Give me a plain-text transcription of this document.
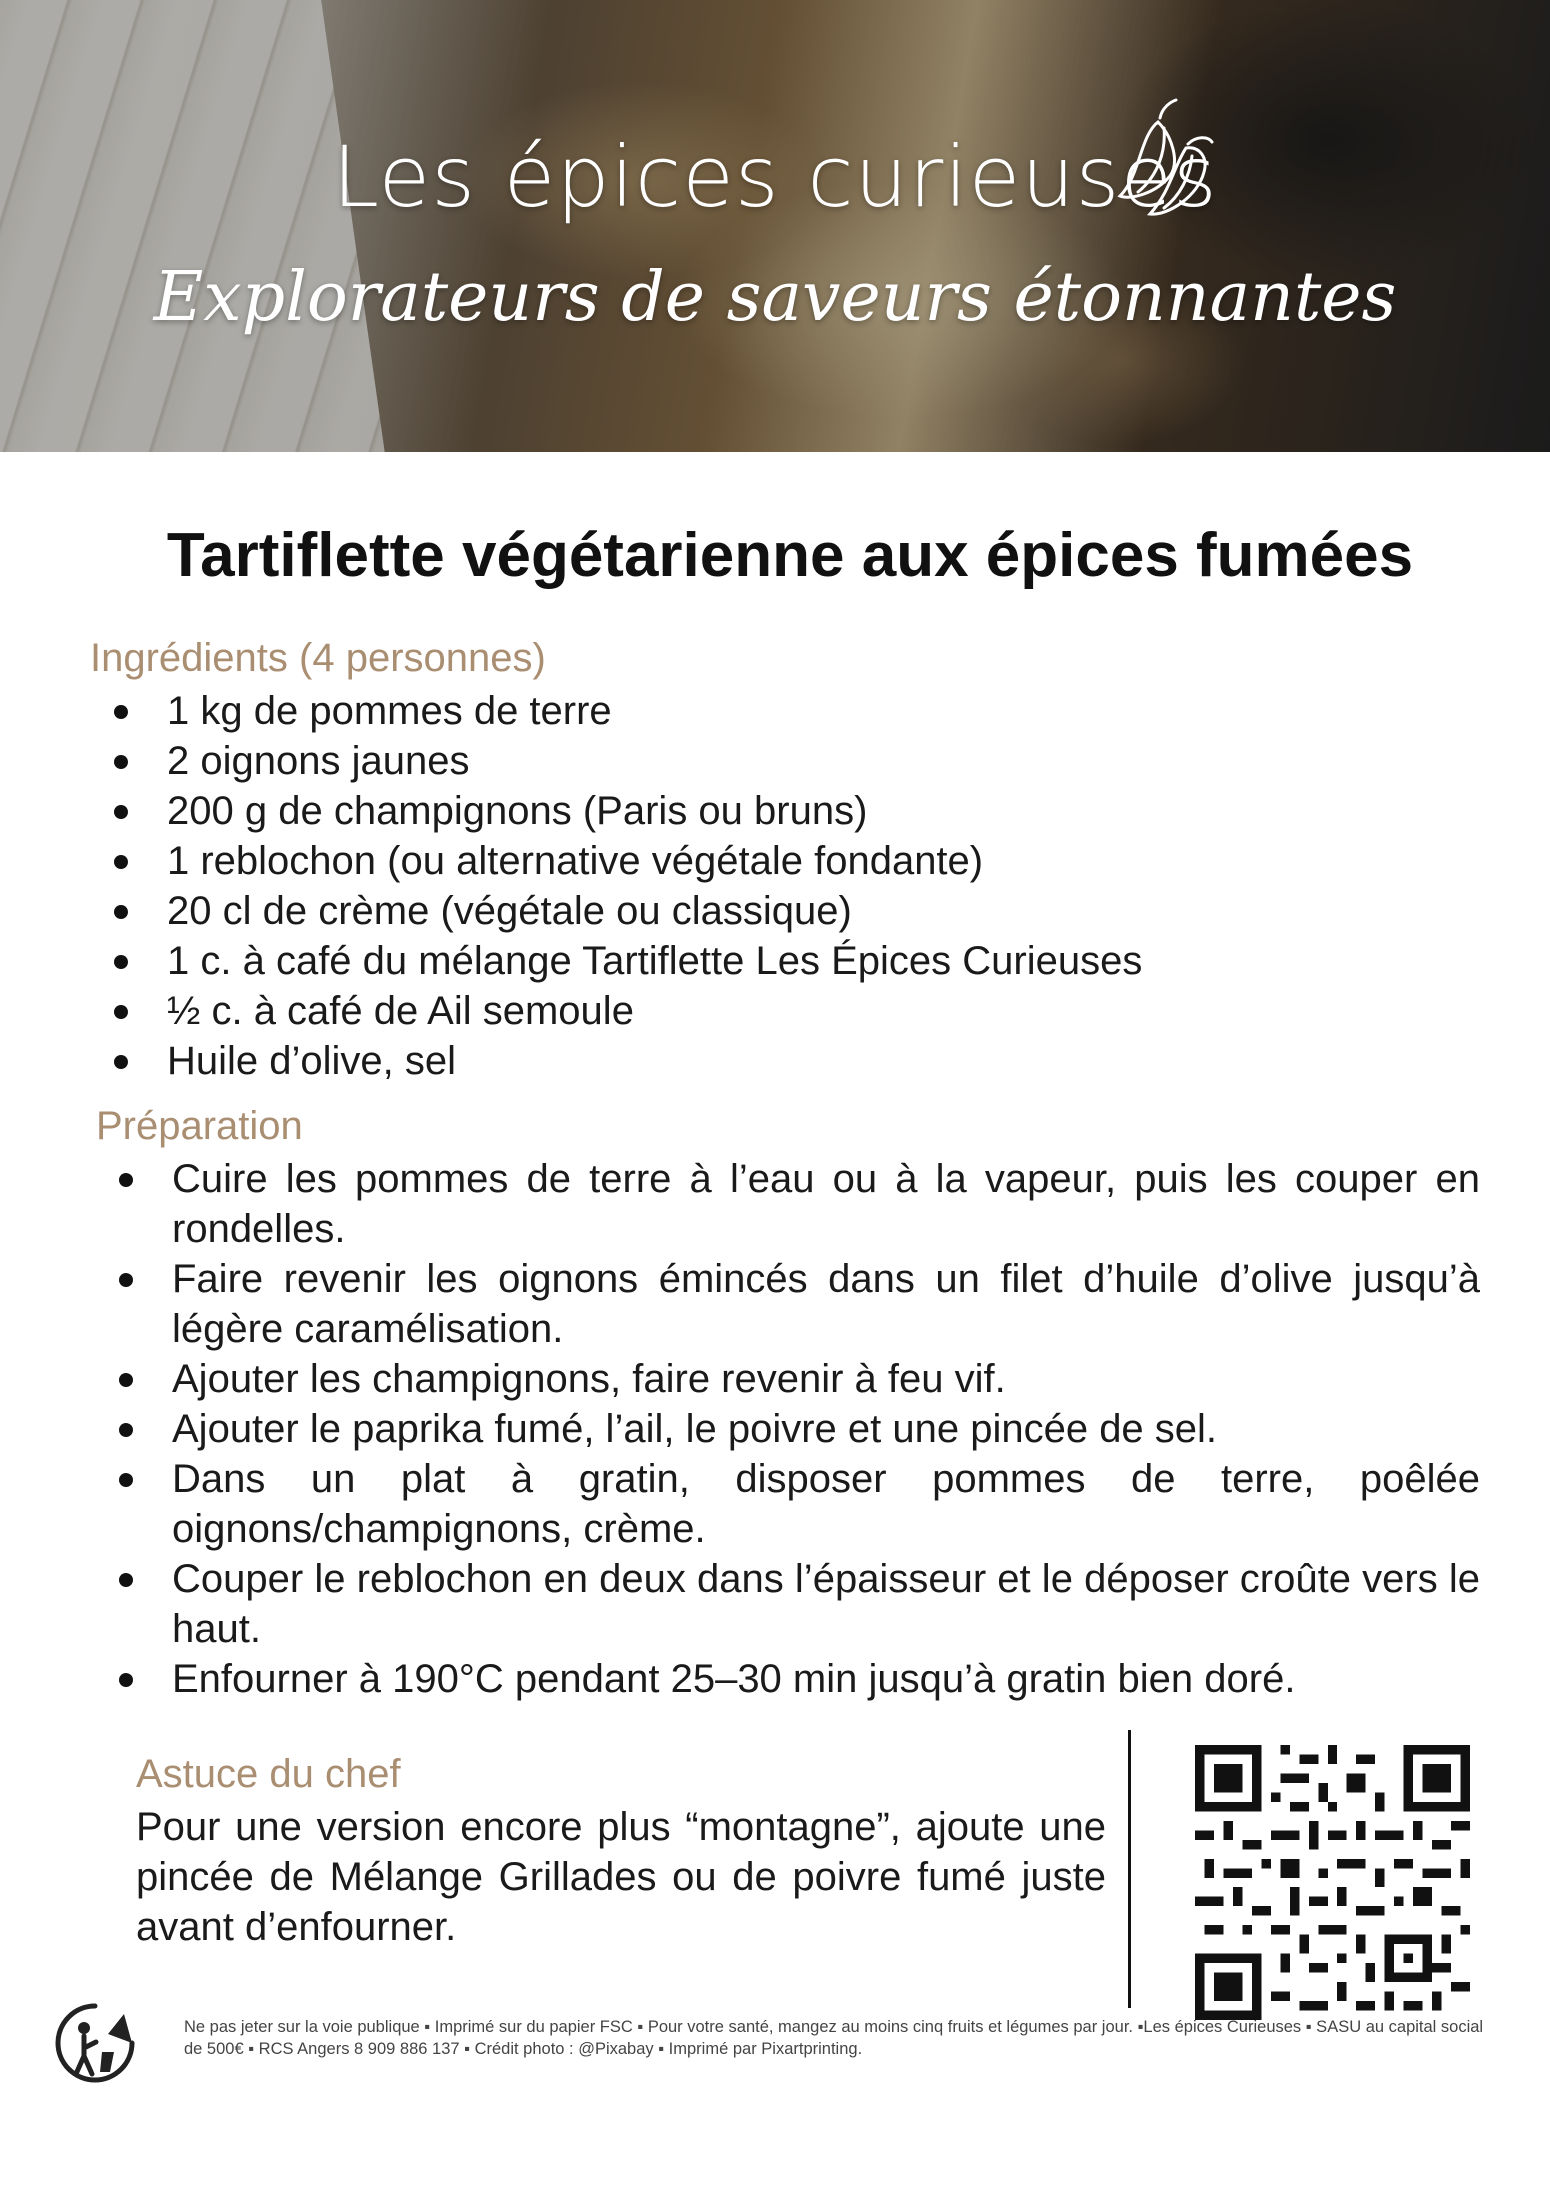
Les épices curieuses
Explorateurs de saveurs étonnantes
Tartiflette végétarienne aux épices fumées
Ingrédients (4 personnes)
1 kg de pommes de terre
2 oignons jaunes
200 g de champignons (Paris ou bruns)
1 reblochon (ou alternative végétale fondante)
20 cl de crème (végétale ou classique)
1 c. à café du mélange Tartiflette Les Épices Curieuses
½ c. à café de Ail semoule
Huile d’olive, sel
Préparation
Cuire les pommes de terre à l’eau ou à la vapeur, puis les couper en rondelles.
Faire revenir les oignons émincés dans un filet d’huile d’olive jusqu’à légère caramélisation.
Ajouter les champignons, faire revenir à feu vif.
Ajouter le paprika fumé, l’ail, le poivre et une pincée de sel.
Dans un plat à gratin, disposer pommes de terre, poêlée oignons/champignons, crème.
Couper le reblochon en deux dans l’épaisseur et le déposer croûte vers le haut.
Enfourner à 190°C pendant 25–30 min jusqu’à gratin bien doré.
Astuce du chef
Pour une version encore plus “montagne”, ajoute une pincée de Mélange Grillades ou de poivre fumé juste avant d’enfourner.
Ne pas jeter sur la voie publique ▪ Imprimé sur du papier FSC ▪ Pour votre santé, mangez au moins cinq fruits et légumes par jour. ▪Les épices Curieuses ▪ SASU au capital social de 500€ ▪ RCS Angers 8 909 886 137 ▪ Crédit photo : @Pixabay ▪ Imprimé par Pixartprinting.
